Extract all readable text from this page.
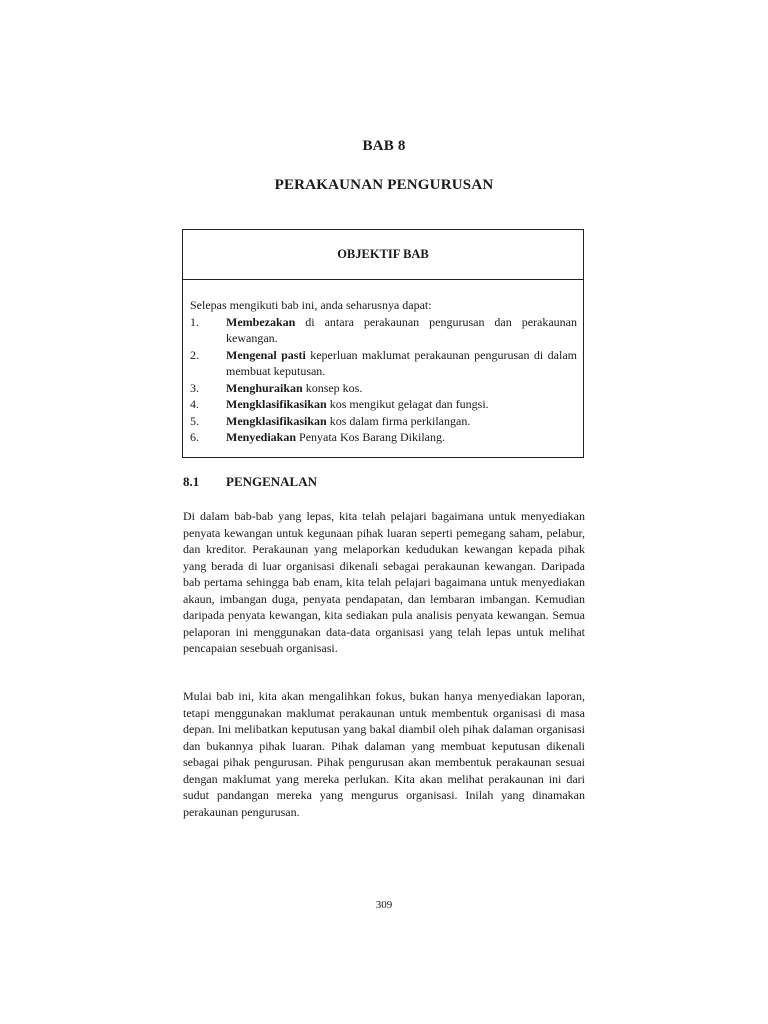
BAB 8
PERAKAUNAN PENGURUSAN
OBJEKTIF BAB
Selepas mengikuti bab ini, anda seharusnya dapat:
1.	Membezakan di antara perakaunan pengurusan dan perakaunan kewangan.
2.	Mengenal pasti keperluan maklumat perakaunan pengurusan di dalam membuat keputusan.
3.	Menghuraikan konsep kos.
4.	Mengklasifikasikan kos mengikut gelagat dan fungsi.
5.	Mengklasifikasikan kos dalam firma perkilangan.
6.	Menyediakan Penyata Kos Barang Dikilang.
8.1	PENGENALAN

Di dalam bab-bab yang lepas, kita telah pelajari bagaimana untuk menyediakan penyata kewangan untuk kegunaan pihak luaran seperti pemegang saham, pelabur, dan kreditor. Perakaunan yang melaporkan kedudukan kewangan kepada pihak yang berada di luar organisasi dikenali sebagai perakaunan kewangan. Daripada bab pertama sehingga bab enam, kita telah pelajari bagaimana untuk menyediakan akaun, imbangan duga, penyata pendapatan, dan lembaran imbangan. Kemudian daripada penyata kewangan, kita sediakan pula analisis penyata kewangan. Semua pelaporan ini menggunakan data-data organisasi yang telah lepas untuk melihat pencapaian sesebuah organisasi.

Mulai bab ini, kita akan mengalihkan fokus, bukan hanya menyediakan laporan, tetapi menggunakan maklumat perakaunan untuk membentuk organisasi di masa depan. Ini melibatkan keputusan yang bakal diambil oleh pihak dalaman organisasi dan bukannya pihak luaran. Pihak dalaman yang membuat keputusan dikenali sebagai pihak pengurusan. Pihak pengurusan akan membentuk perakaunan sesuai dengan maklumat yang mereka perlukan. Kita akan melihat perakaunan ini dari sudut pandangan mereka yang mengurus organisasi. Inilah yang dinamakan perakaunan pengurusan.

309
